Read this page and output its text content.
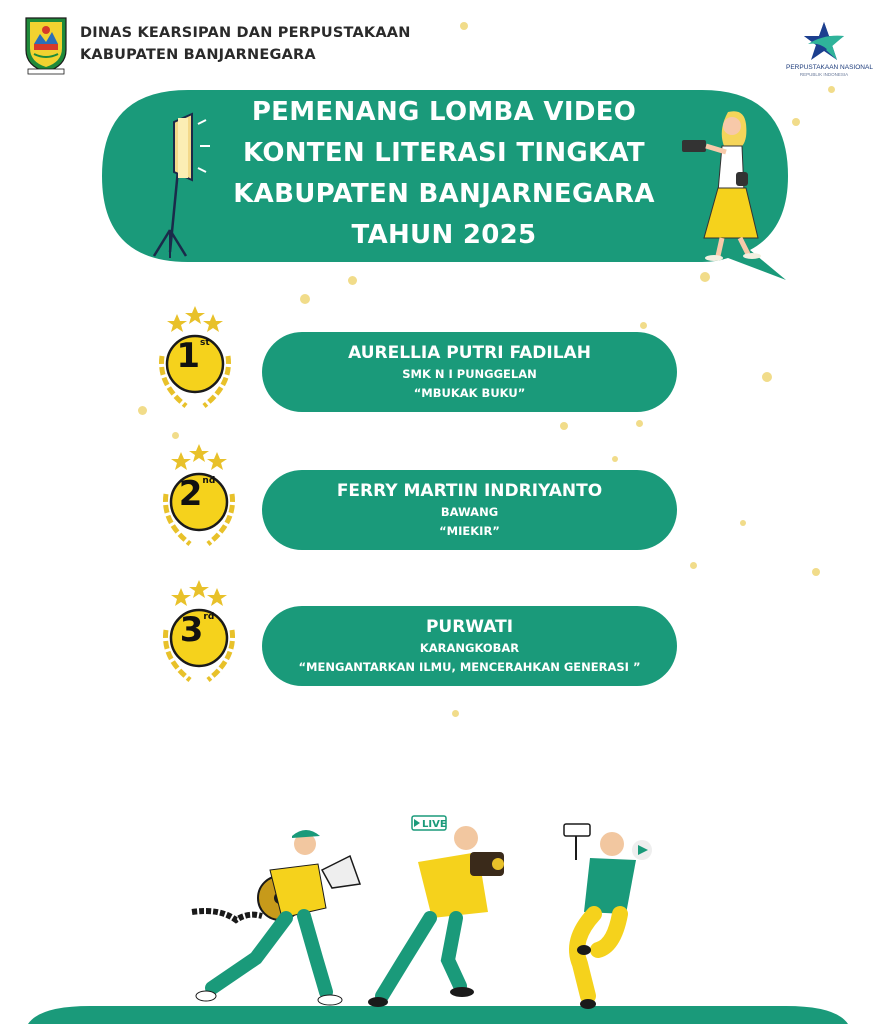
DINAS KEARSIPAN DAN PERPUSTAKAAN
KABUPATEN BANJARNEGARA
PERPUSTAKAAN NASIONAL
REPUBLIK INDONESIA
PEMENANG LOMBA VIDEO
KONTEN LITERASI TINGKAT
KABUPATEN BANJARNEGARA
TAHUN 2025
1st	AURELLIA PUTRI FADILAH
SMK N I PUNGGELAN
“MBUKAK BUKU”
2nd	FERRY MARTIN INDRIYANTO
BAWANG
“MIEKIR”
3rd	PURWATI
KARANGKOBAR
“MENGANTARKAN ILMU, MENCERAHKAN GENERASI ”
LIVE
